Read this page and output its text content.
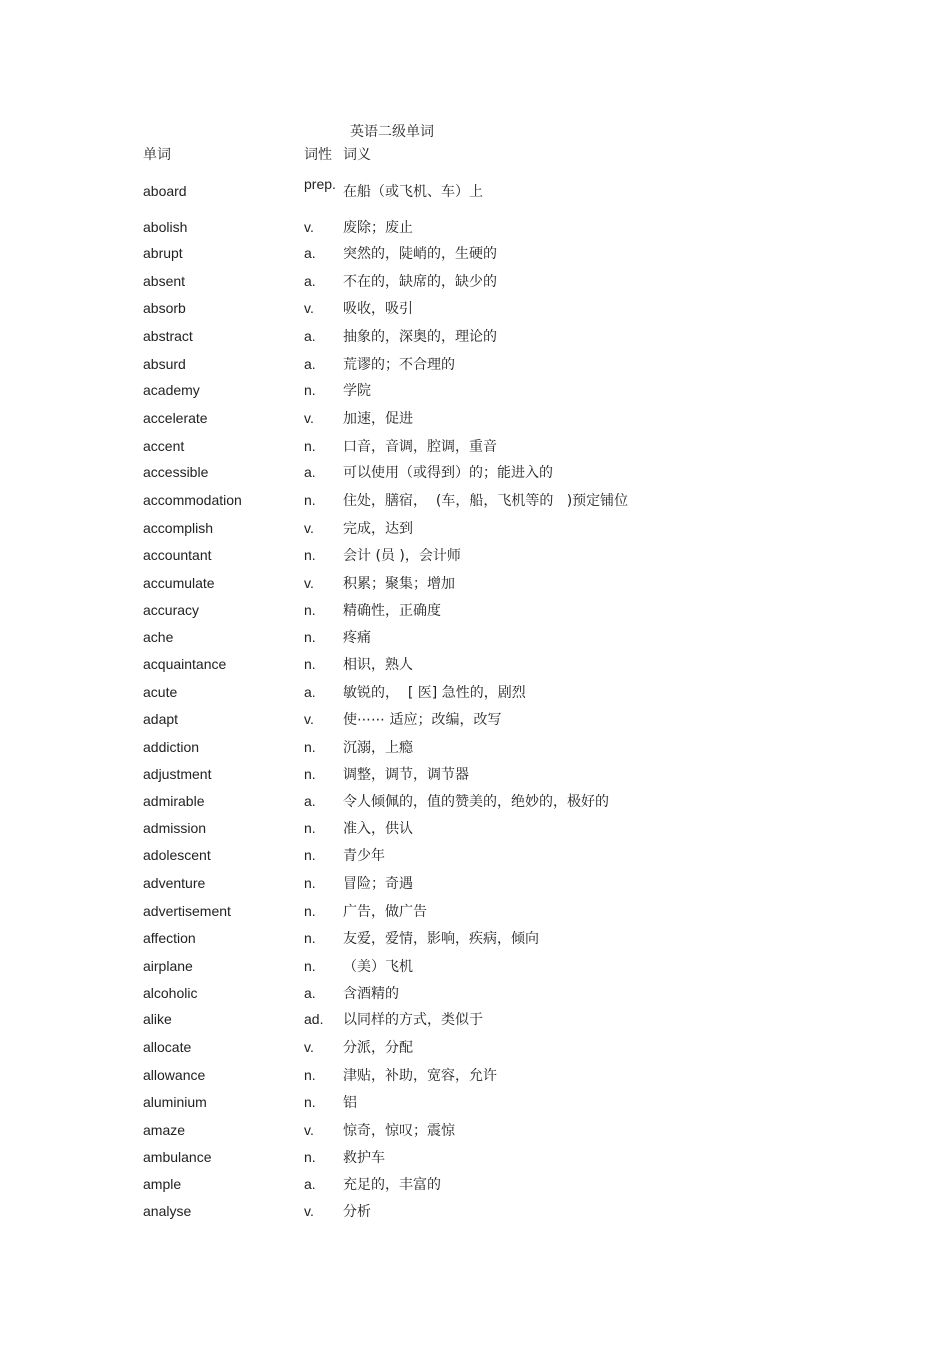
英语二级单词
单词	词性 词义
aboard	prep. 在船（或飞机、车）上
abolish	v. 废除；废止
abrupt	a. 突然的，陡峭的，生硬的
absent	a. 不在的，缺席的，缺少的
absorb	v. 吸收，吸引
abstract	a. 抽象的，深奥的，理论的
absurd	a. 荒谬的；不合理的
academy	n. 学院
accelerate	v. 加速，促进
accent	n. 口音，音调，腔调，重音
accessible	a. 可以使用（或得到）的；能进入的
accommodation	n. 住处，膳宿，  (车，船，飞机等的   )预定铺位
accomplish	v. 完成，达到
accountant	n. 会计 (员 )，会计师
accumulate	v. 积累；聚集；增加
accuracy	n. 精确性，正确度
ache	n. 疼痛
acquaintance	n. 相识，熟人
acute	a. 敏锐的，  [ 医] 急性的，剧烈
adapt	v. 使⋯⋯ 适应；改编，改写
addiction	n. 沉溺，上瘾
adjustment	n. 调整，调节，调节器
admirable	a. 令人倾佩的，值的赞美的，绝妙的，极好的
admission	n. 准入，供认
adolescent	n. 青少年
adventure	n. 冒险；奇遇
advertisement	n. 广告，做广告
affection	n. 友爱，爱情，影响，疾病，倾向
airplane	n. （美）飞机
alcoholic	a. 含酒精的
alike	ad. 以同样的方式，类似于
allocate	v. 分派，分配
allowance	n. 津贴，补助，宽容，允许
aluminium	n. 铝
amaze	v. 惊奇，惊叹；震惊
ambulance	n. 救护车
ample	a. 充足的，丰富的
analyse	v. 分析
